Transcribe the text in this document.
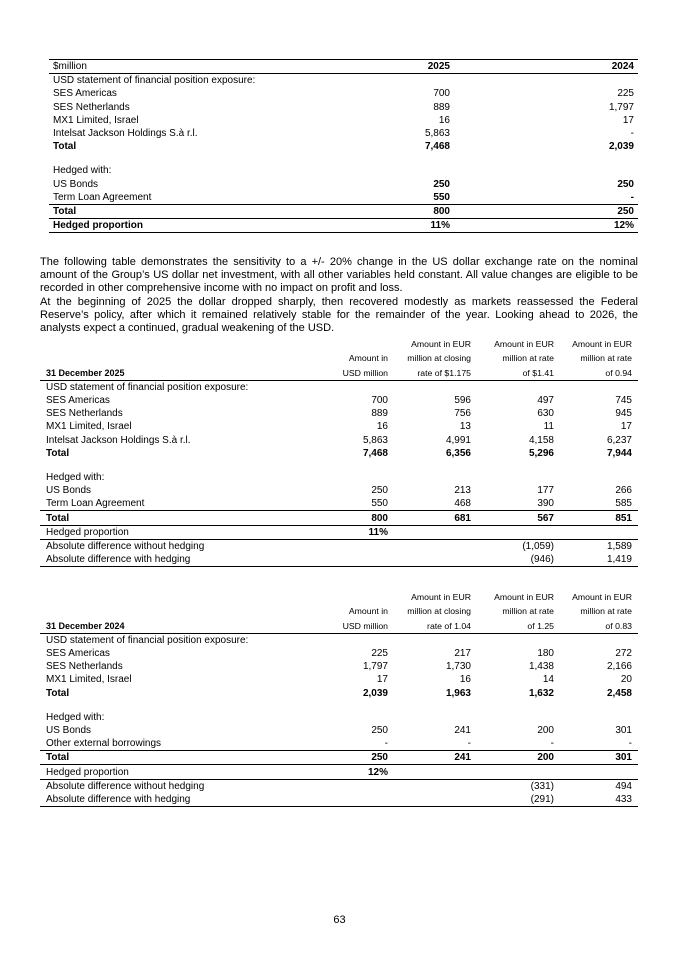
$million	2025	2024
USD statement of financial position exposure:		
SES Americas	700	225
SES Netherlands	889	1,797
MX1 Limited, Israel	16	17
Intelsat Jackson Holdings S.à r.l.	5,863	-
Total	7,468	2,039

Hedged with:		
US Bonds	250	250
Term Loan Agreement	550	-
Total	800	250
Hedged proportion	11%	12%

The following table demonstrates the sensitivity to a +/- 20% change in the US dollar exchange rate on the nominal amount of the Group’s US dollar net investment, with all other variables held constant. All value changes are eligible to be recorded in other comprehensive income with no impact on profit and loss.

At the beginning of 2025 the dollar dropped sharply, then recovered modestly as markets reassessed the Federal Reserve’s policy, after which it remained relatively stable for the remainder of the year. Looking ahead to 2026, the analysts expect a continued, gradual weakening of the USD.

		Amount in EUR	Amount in EUR	Amount in EUR
	Amount in	million at closing	million at rate	million at rate
31 December 2025	USD million	rate of $1.175	of $1.41	of 0.94
USD statement of financial position exposure:				
SES Americas	700	596	497	745
SES Netherlands	889	756	630	945
MX1 Limited, Israel	16	13	11	17
Intelsat Jackson Holdings S.à r.l.	5,863	4,991	4,158	6,237
Total	7,468	6,356	5,296	7,944

Hedged with:				
US Bonds	250	213	177	266
Term Loan Agreement	550	468	390	585
Total	800	681	567	851
Hedged proportion	11%			
Absolute difference without hedging			(1,059)	1,589
Absolute difference with hedging			(946)	1,419
		Amount in EUR	Amount in EUR	Amount in EUR
	Amount in	million at closing	million at rate	million at rate
31 December 2024	USD million	rate of 1.04	of 1.25	of 0.83
USD statement of financial position exposure:				
SES Americas	225	217	180	272
SES Netherlands	1,797	1,730	1,438	2,166
MX1 Limited, Israel	17	16	14	20
Total	2,039	1,963	1,632	2,458

Hedged with:				
US Bonds	250	241	200	301
Other external borrowings	-	-	-	-
Total	250	241	200	301
Hedged proportion	12%			
Absolute difference without hedging			(331)	494
Absolute difference with hedging			(291)	433
63
